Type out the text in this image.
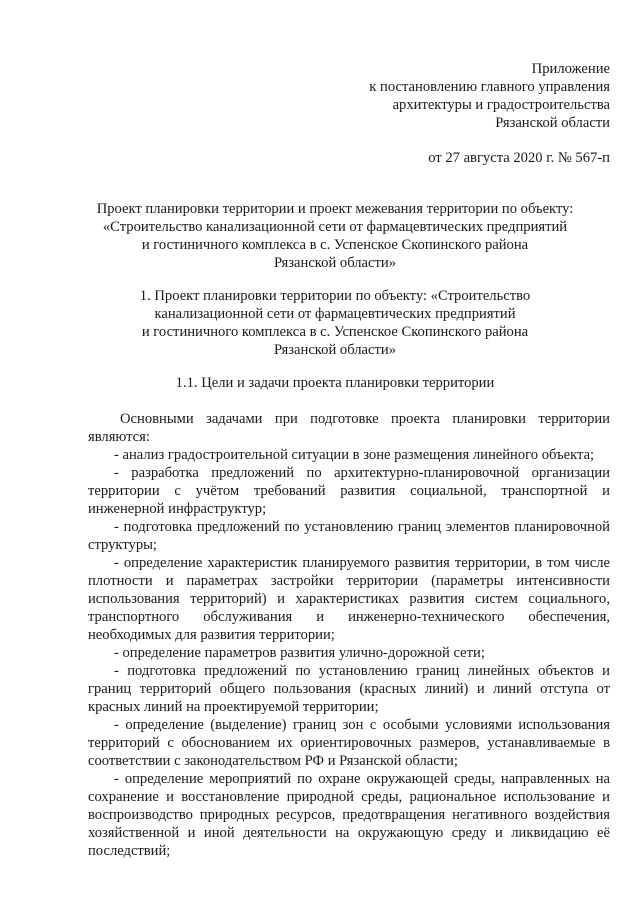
Приложение
к постановлению главного управления
архитектуры и градостроительства
Рязанской области
от 27 августа 2020 г. № 567-п
Проект планировки территории и проект межевания территории по объекту:
«Строительство канализационной сети от фармацевтических предприятий
и гостиничного комплекса в с. Успенское Скопинского района
Рязанской области»
1. Проект планировки территории по объекту: «Строительство
канализационной сети от фармацевтических предприятий
и гостиничного комплекса в с. Успенское Скопинского района
Рязанской области»
1.1. Цели и задачи проекта планировки территории

Основными задачами при подготовке проекта планировки территории являются:

- анализ градостроительной ситуации в зоне размещения линейного объекта;

- разработка предложений по архитектурно-планировочной организации территории с учётом требований развития социальной, транспортной и инженерной инфраструктур;

- подготовка предложений по установлению границ элементов планировочной структуры;

- определение характеристик планируемого развития территории, в том числе плотности и параметрах застройки территории (параметры интенсивности использования территорий) и характеристиках развития систем социального, транспортного обслуживания и инженерно-технического обеспечения, необходимых для развития территории;

- определение параметров развития улично-дорожной сети;

- подготовка предложений по установлению границ линейных объектов и границ территорий общего пользования (красных линий) и линий отступа от красных линий на проектируемой территории;

- определение (выделение) границ зон с особыми условиями использования территорий с обоснованием их ориентировочных размеров, устанавливаемые в соответствии с законодательством РФ и Рязанской области;

- определение мероприятий по охране окружающей среды, направленных на сохранение и восстановление природной среды, рациональное использование и воспроизводство природных ресурсов, предотвращения негативного воздействия хозяйственной и иной деятельности на окружающую среду и ликвидацию её последствий;
